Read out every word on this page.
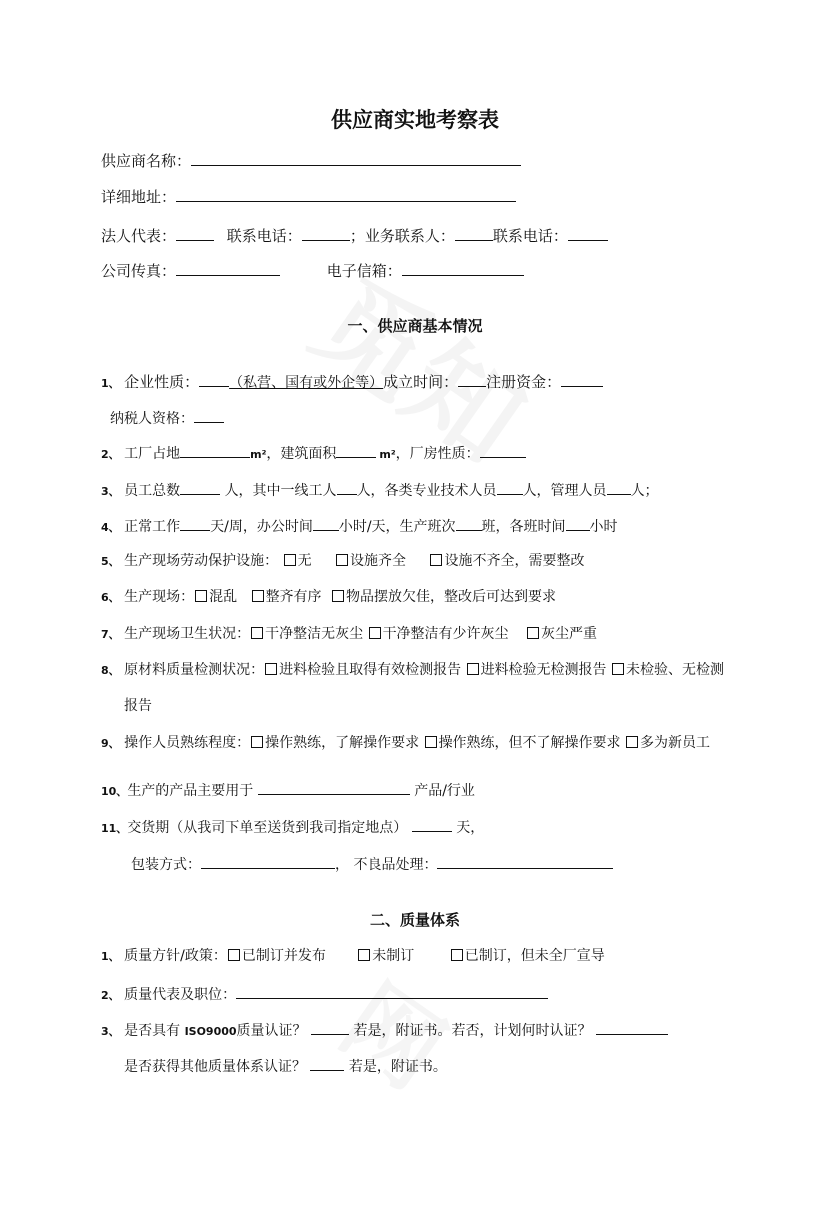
供应商实地考察表
供应商名称：
详细地址：
法人代表：	联系电话：	；业务联系人：	联系电话：
公司传真：	电子信箱：
一、供应商基本情况
1、 企业性质： （私营、国有或外企等）成立时间： 注册资金：
纳税人资格：
2、 工厂占地	m²，建筑面积	m²，厂房性质：
3、 员工总数	人，其中一线工人 人，各类专业技术人员 人，管理人员 人；
4、 正常工作 天/周，办公时间 小时/天，生产班次 班，各班时间 小时
5、 生产现场劳动保护设施： 无	设施齐全	设施不齐全，需要整改
6、 生产现场： 混乱 整齐有序 物品摆放欠佳，整改后可达到要求
7、 生产现场卫生状况： 干净整洁无灰尘 干净整洁有少许灰尘 灰尘严重
8、 原材料质量检测状况： 进料检验且取得有效检测报告 进料检验无检测报告 未检验、无检测
报告
9、 操作人员熟练程度： 操作熟练，了解操作要求 操作熟练，但不了解操作要求 多为新员工
10、生产的产品主要用于	产品/行业
11、交货期（从我司下单至送货到我司指定地点）	天，
包装方式：	， 不良品处理：
二、质量体系
1、 质量方针/政策： 已制订并发布	未制订	已制订，但未全厂宣导
2、 质量代表及职位：
3、 是否具有 ISO9000质量认证？	若是，附证书。若否，计划何时认证？
是否获得其他质量体系认证？	若是，附证书。
